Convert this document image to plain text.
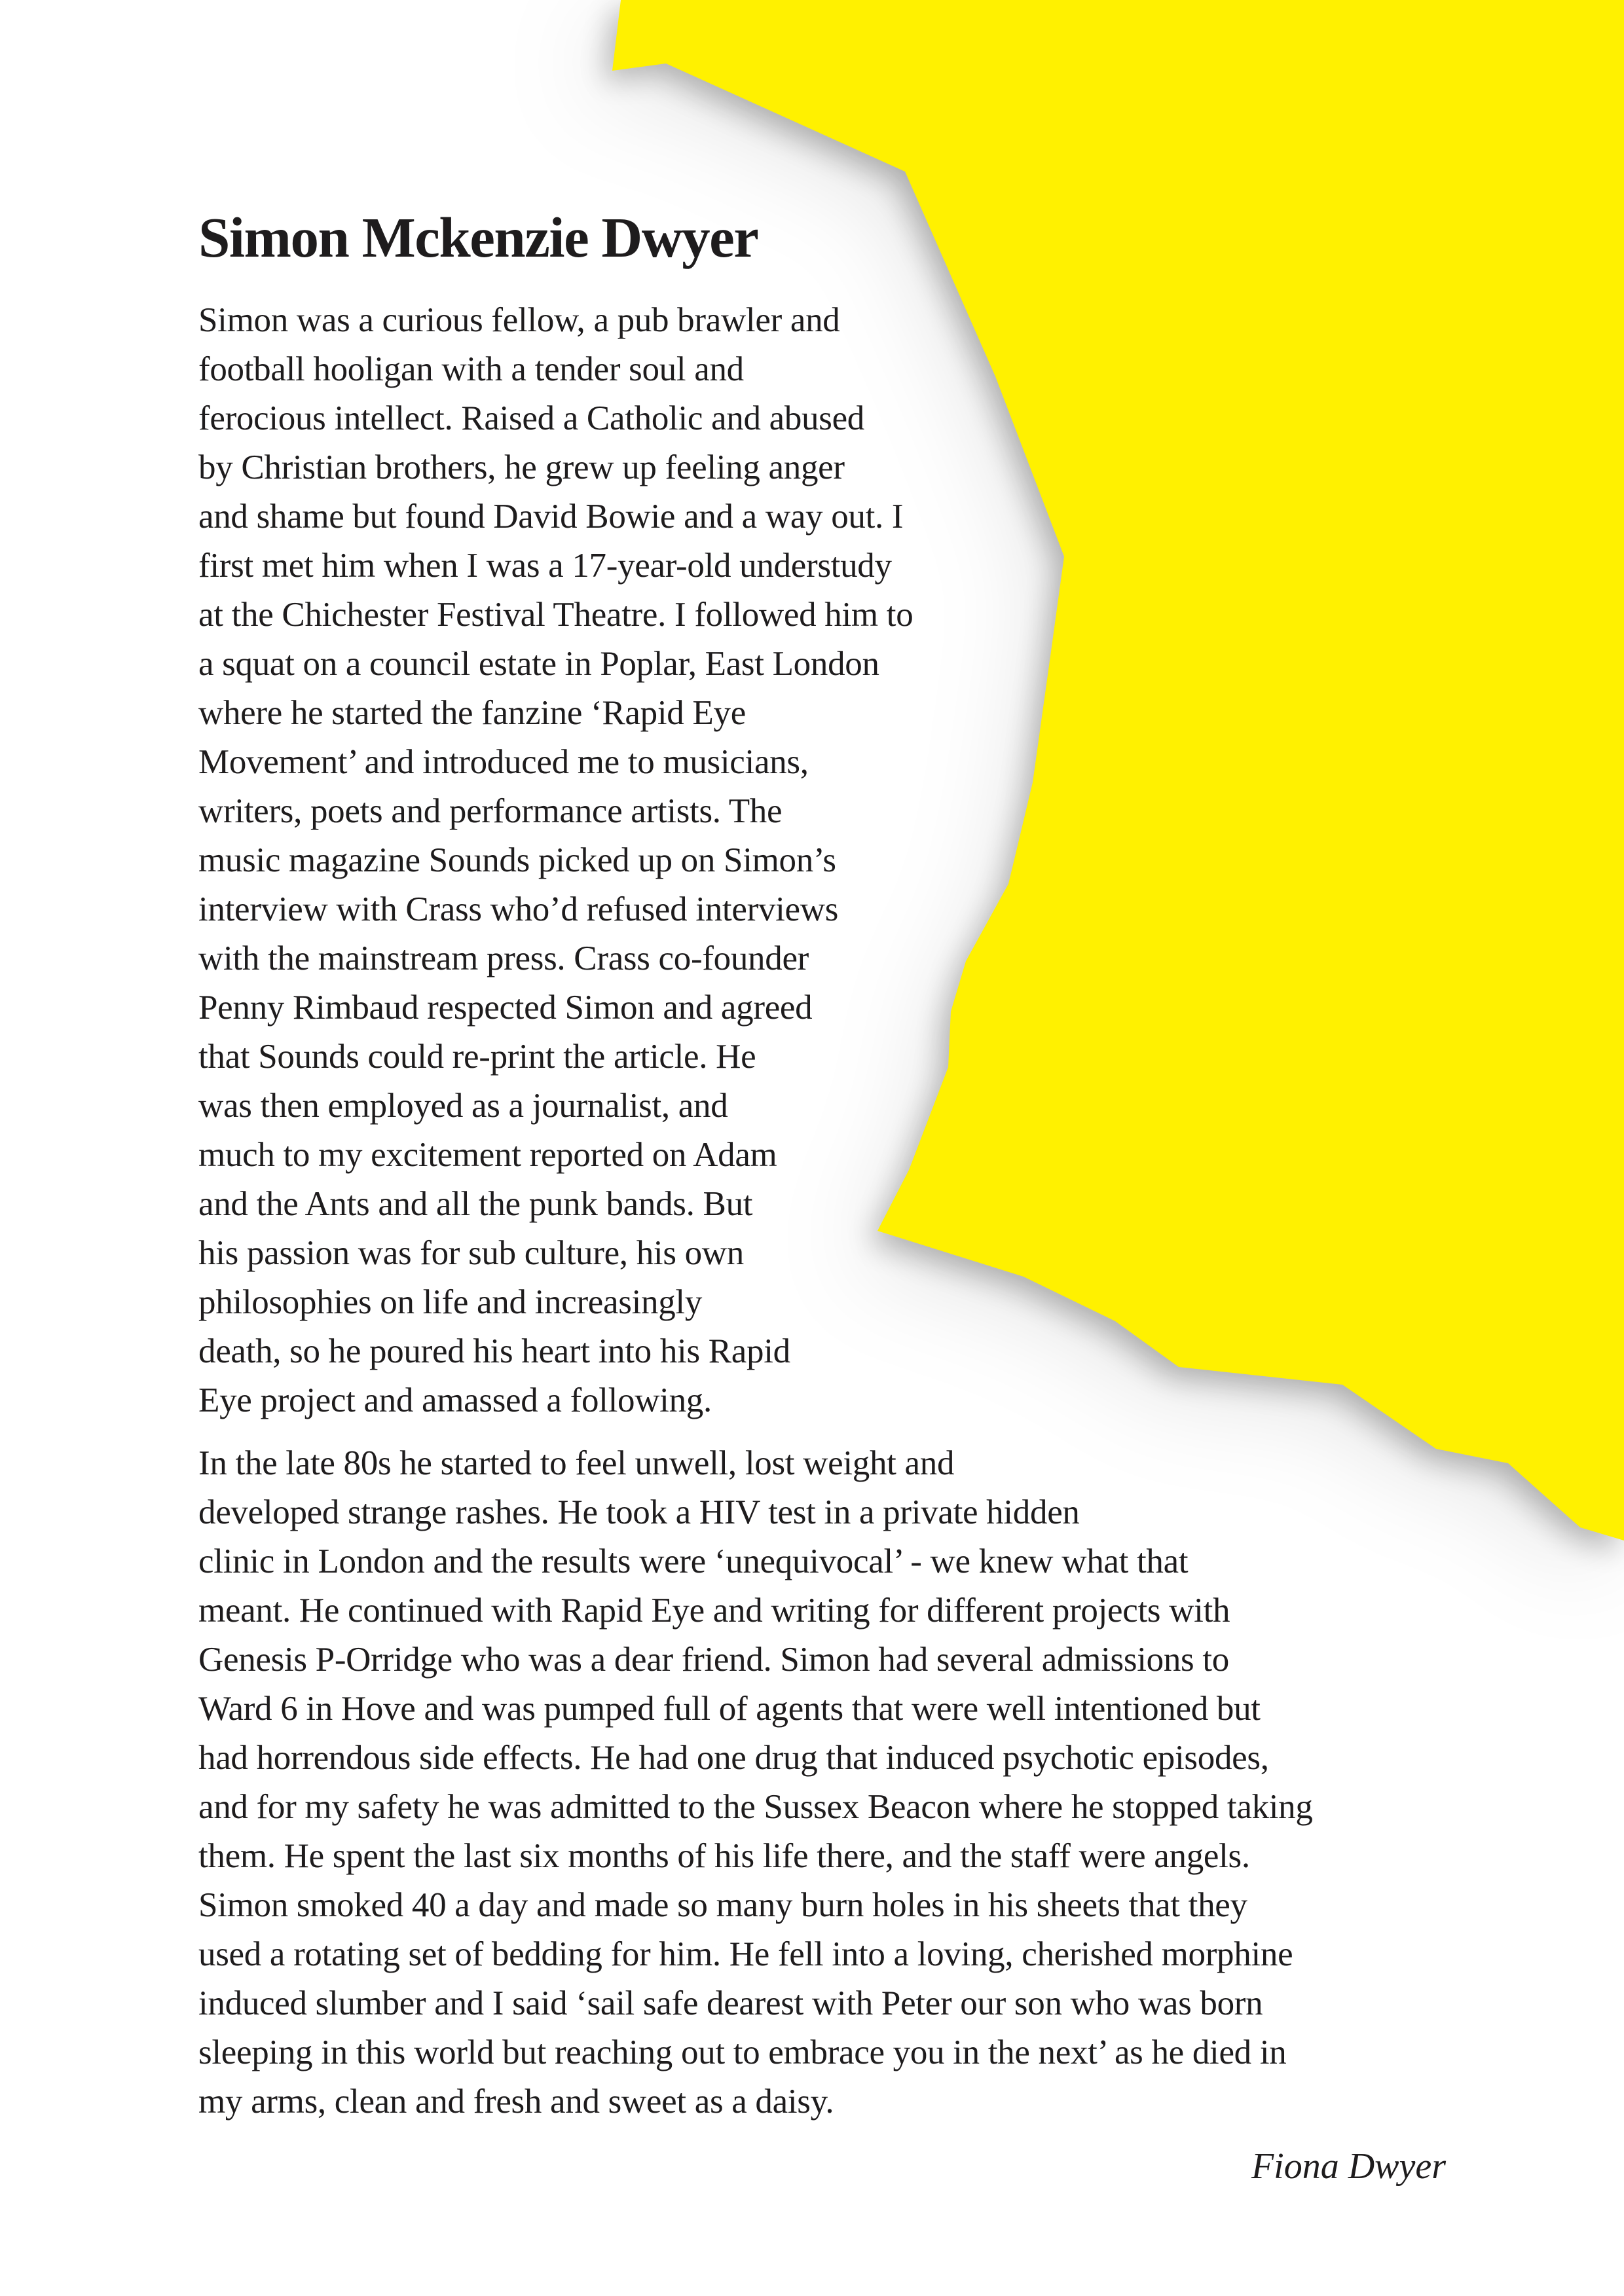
Simon Mckenzie Dwyer
Simon was a curious fellow, a pub brawler and
football hooligan with a tender soul and
ferocious intellect. Raised a Catholic and abused
by Christian brothers, he grew up feeling anger
and shame but found David Bowie and a way out. I
first met him when I was a 17-year-old understudy
at the Chichester Festival Theatre. I followed him to
a squat on a council estate in Poplar, East London
where he started the fanzine ‘Rapid Eye
Movement’ and introduced me to musicians,
writers, poets and performance artists. The
music magazine Sounds picked up on Simon’s
interview with Crass who’d refused interviews
with the mainstream press. Crass co-founder
Penny Rimbaud respected Simon and agreed
that Sounds could re-print the article. He
was then employed as a journalist, and
much to my excitement reported on Adam
and the Ants and all the punk bands. But
his passion was for sub culture, his own
philosophies on life and increasingly
death, so he poured his heart into his Rapid
Eye project and amassed a following.
In the late 80s he started to feel unwell, lost weight and
developed strange rashes. He took a HIV test in a private hidden
clinic in London and the results were ‘unequivocal’ - we knew what that
meant. He continued with Rapid Eye and writing for different projects with
Genesis P-Orridge who was a dear friend. Simon had several admissions to
Ward 6 in Hove and was pumped full of agents that were well intentioned but
had horrendous side effects. He had one drug that induced psychotic episodes,
and for my safety he was admitted to the Sussex Beacon where he stopped taking
them. He spent the last six months of his life there, and the staff were angels.
Simon smoked 40 a day and made so many burn holes in his sheets that they
used a rotating set of bedding for him. He fell into a loving, cherished morphine
induced slumber and I said ‘sail safe dearest with Peter our son who was born
sleeping in this world but reaching out to embrace you in the next’ as he died in
my arms, clean and fresh and sweet as a daisy.
Fiona Dwyer
